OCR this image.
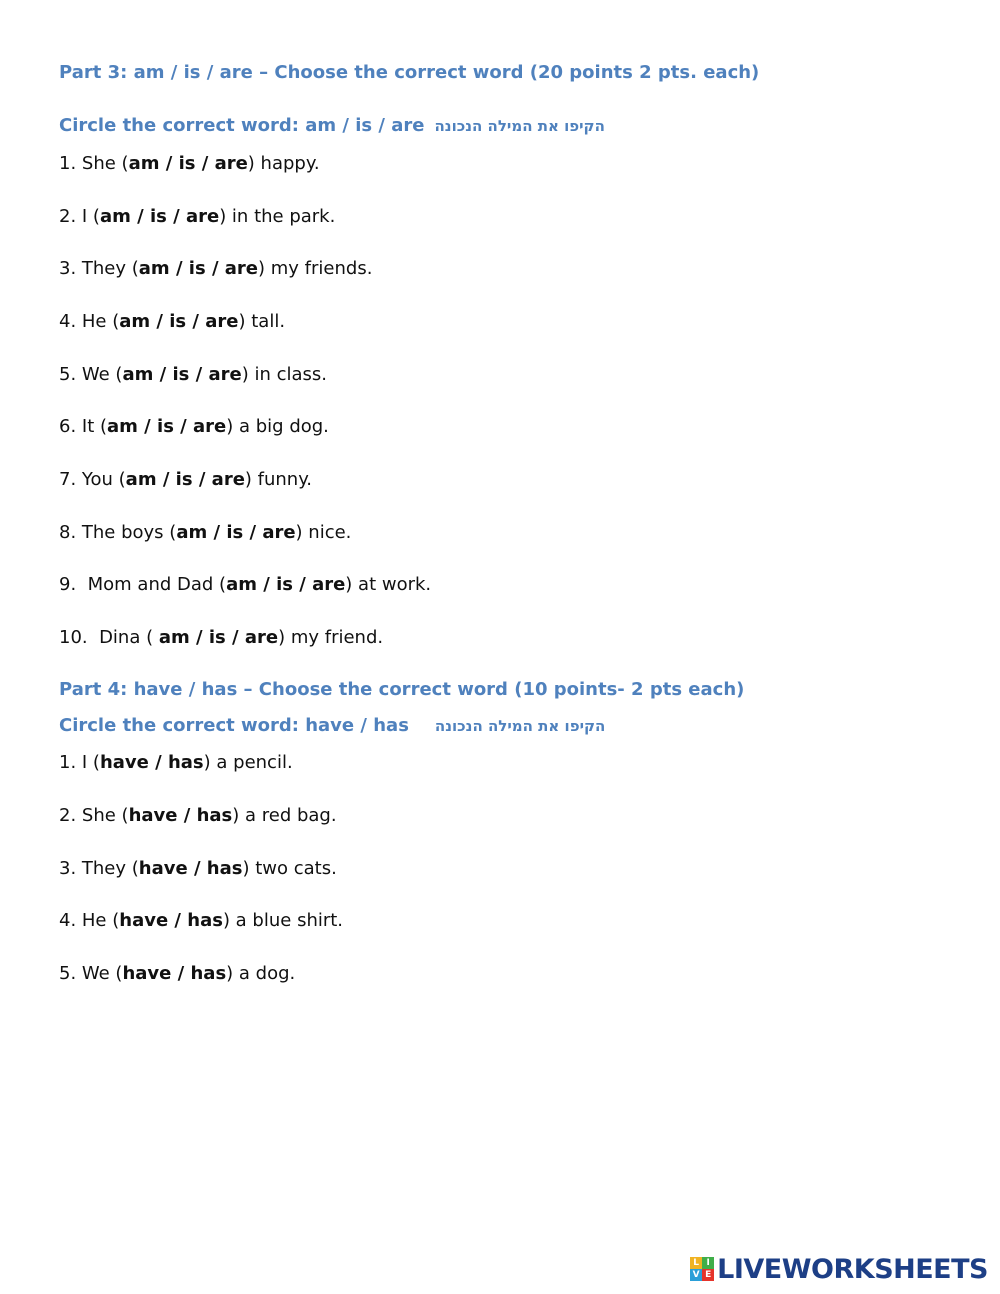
Part 3: am / is / are – Choose the correct word (20 points 2 pts. each)
Circle the correct word: am / is / are הקיפו את המילה הנכונה
1. She (am / is / are) happy.
2. I (am / is / are) in the park.
3. They (am / is / are) my friends.
4. He (am / is / are) tall.
5. We (am / is / are) in class.
6. It (am / is / are) a big dog.
7. You (am / is / are) funny.
8. The boys (am / is / are) nice.
9.  Mom and Dad (am / is / are) at work.
10.  Dina ( am / is / are) my friend.
Part 4: have / has – Choose the correct word (10 points- 2 pts each)
Circle the correct word: have / has הקיפו את המילה הנכונה
1. I (have / has) a pencil.
2. She (have / has) a red bag.
3. They (have / has) two cats.
4. He (have / has) a blue shirt.
5. We (have / has) a dog.
L I
V E LIVEWORKSHEETS
